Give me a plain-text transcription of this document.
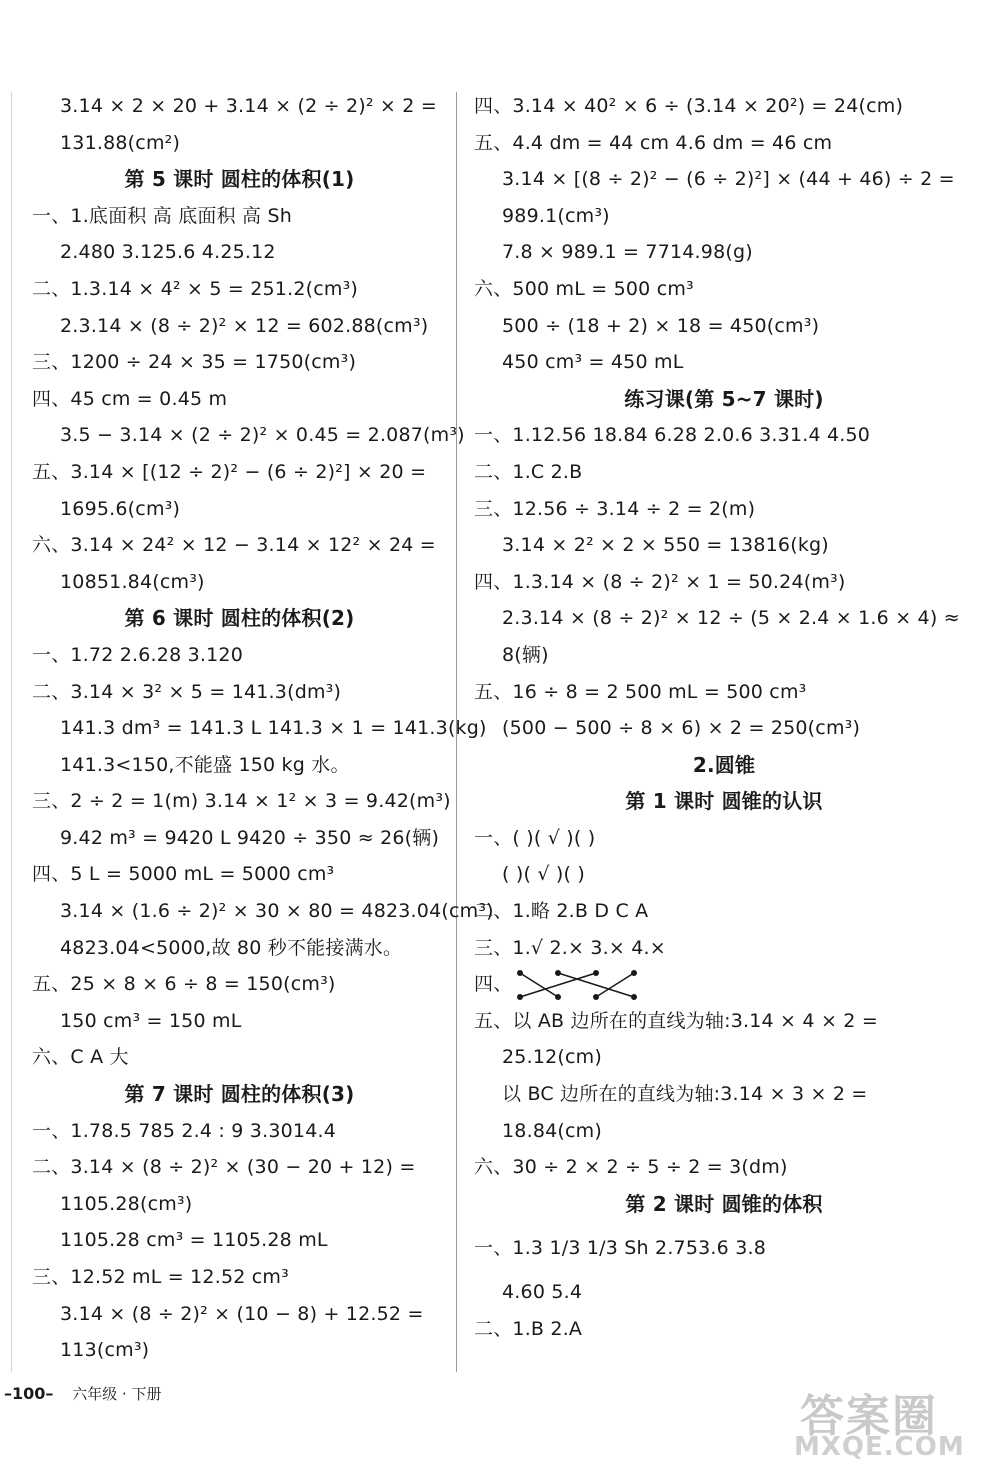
3.14 × 2 × 20 + 3.14 × (2 ÷ 2)² × 2 =
131.88(cm²)
第 5 课时 圆柱的体积(1)
一、1.底面积 高 底面积 高 Sh
2.480 3.125.6 4.25.12
二、1.3.14 × 4² × 5 = 251.2(cm³)
2.3.14 × (8 ÷ 2)² × 12 = 602.88(cm³)
三、1200 ÷ 24 × 35 = 1750(cm³)
四、45 cm = 0.45 m
3.5 − 3.14 × (2 ÷ 2)² × 0.45 = 2.087(m³)
五、3.14 × [(12 ÷ 2)² − (6 ÷ 2)²] × 20 =
1695.6(cm³)
六、3.14 × 24² × 12 − 3.14 × 12² × 24 =
10851.84(cm³)
第 6 课时 圆柱的体积(2)
一、1.72 2.6.28 3.120
二、3.14 × 3² × 5 = 141.3(dm³)
141.3 dm³ = 141.3 L 141.3 × 1 = 141.3(kg)
141.3<150,不能盛 150 kg 水。
三、2 ÷ 2 = 1(m) 3.14 × 1² × 3 = 9.42(m³)
9.42 m³ = 9420 L 9420 ÷ 350 ≈ 26(辆)
四、5 L = 5000 mL = 5000 cm³
3.14 × (1.6 ÷ 2)² × 30 × 80 = 4823.04(cm³)
4823.04<5000,故 80 秒不能接满水。
五、25 × 8 × 6 ÷ 8 = 150(cm³)
150 cm³ = 150 mL
六、C A 大
第 7 课时 圆柱的体积(3)
一、1.78.5 785 2.4 : 9 3.3014.4
二、3.14 × (8 ÷ 2)² × (30 − 20 + 12) =
1105.28(cm³)
1105.28 cm³ = 1105.28 mL
三、12.52 mL = 12.52 cm³
3.14 × (8 ÷ 2)² × (10 − 8) + 12.52 =
113(cm³)
四、3.14 × 40² × 6 ÷ (3.14 × 20²) = 24(cm)
五、4.4 dm = 44 cm 4.6 dm = 46 cm
3.14 × [(8 ÷ 2)² − (6 ÷ 2)²] × (44 + 46) ÷ 2 =
989.1(cm³)
7.8 × 989.1 = 7714.98(g)
六、500 mL = 500 cm³
500 ÷ (18 + 2) × 18 = 450(cm³)
450 cm³ = 450 mL
练习课(第 5~7 课时)
一、1.12.56 18.84 6.28 2.0.6 3.31.4 4.50
二、1.C 2.B
三、12.56 ÷ 3.14 ÷ 2 = 2(m)
3.14 × 2² × 2 × 550 = 13816(kg)
四、1.3.14 × (8 ÷ 2)² × 1 = 50.24(m³)
2.3.14 × (8 ÷ 2)² × 12 ÷ (5 × 2.4 × 1.6 × 4) ≈
8(辆)
五、16 ÷ 8 = 2 500 mL = 500 cm³
(500 − 500 ÷ 8 × 6) × 2 = 250(cm³)
2.圆锥
第 1 课时 圆锥的认识
一、( )( √ )( )
( )( √ )( )
二、1.略 2.B D C A
三、1.√ 2.× 3.× 4.×
四、
五、以 AB 边所在的直线为轴:3.14 × 4 × 2 =
25.12(cm)
以 BC 边所在的直线为轴:3.14 × 3 × 2 =
18.84(cm)
六、30 ÷ 2 × 2 ÷ 5 ÷ 2 = 3(dm)
第 2 课时 圆锥的体积
一、1.3 1/3 1/3 Sh 2.753.6 3.8
4.60 5.4
二、1.B 2.A
–100– 六年级 · 下册	答案圈
MXQE.COM
